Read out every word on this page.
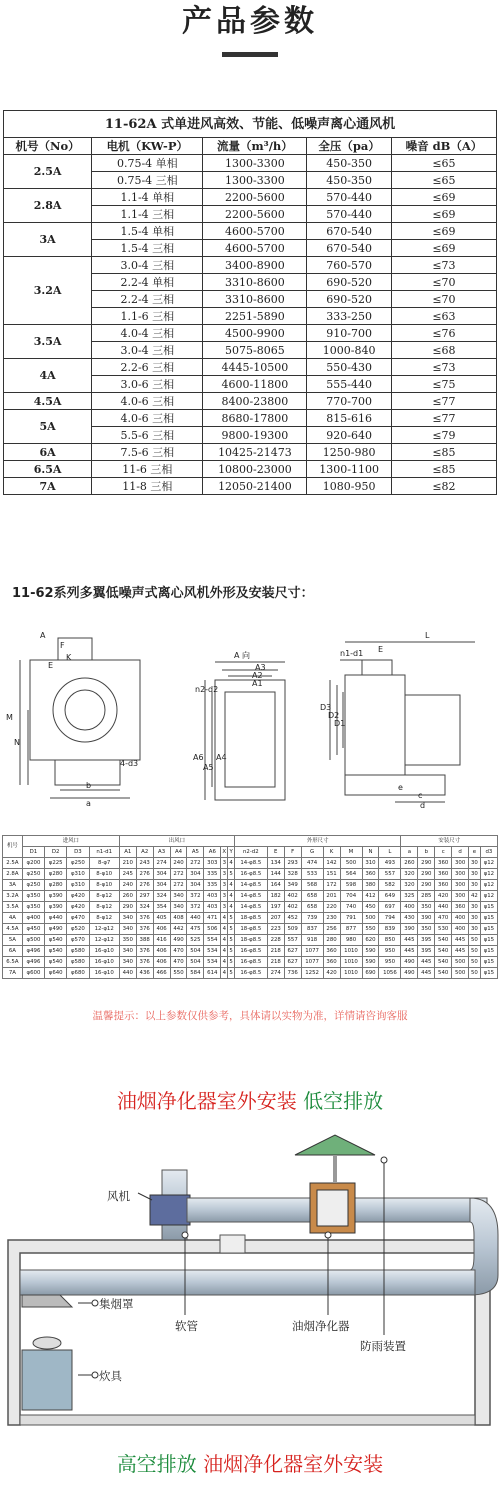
产品参数
11-62A 式单进风高效、节能、低噪声离心通风机				
机号（No）	电机（KW-P）	流量（m³/h）	全压（pa）	噪音 dB（A）
2.5A	0.75-4 单相	1300-3300	450-350	≤65
	0.75-4 三相	1300-3300	450-350	≤65
2.8A	1.1-4 单相	2200-5600	570-440	≤69
	1.1-4 三相	2200-5600	570-440	≤69
3A	1.5-4 单相	4600-5700	670-540	≤69
	1.5-4 三相	4600-5700	670-540	≤69
3.2A	3.0-4 三相	3400-8900	760-570	≤73
	2.2-4 单相	3310-8600	690-520	≤70
	2.2-4 三相	3310-8600	690-520	≤70
	1.1-6 三相	2251-5890	333-250	≤63
3.5A	4.0-4 三相	4500-9900	910-700	≤76
	3.0-4 三相	5075-8065	1000-840	≤68
4A	2.2-6 三相	4445-10500	550-430	≤73
	3.0-6 三相	4600-11800	555-440	≤75
4.5A	4.0-6 三相	8400-23800	770-700	≤77
5A	4.0-6 三相	8680-17800	815-616	≤77
	5.5-6 三相	9800-19300	920-640	≤79
6A	7.5-6 三相	10425-21473	1250-980	≤85
6.5A	11-6 三相	10800-23000	1300-1100	≤85
7A	11-8 三相	12050-21400	1080-950	≤82
11-62系列多翼低噪声式离心风机外形及安装尺寸：
A
F
K
E
M
N
b
a
4-d3
A 向
A3
A2
A1
n2-d2
A6
A5
A4
L
n1-d1 E
D3
D2
D1
e
c
d
机号	进风口				出风口								外形尺寸								安装尺寸					
	D1	D2	D3	n1-d1	A1	A2	A3	A4	A5	A6	X	Y	n2-d2	E	F	G	K	M	N	L	a	b	c	d	e	d3
2.5A	φ200	φ225	φ250	8-φ7	210	243	274	240	272	303	3	4	14-φ8.5	134	293	474	142	500	310	493	260	290	360	300	30	φ12
2.8A	φ250	φ280	φ310	8-φ10	245	276	304	272	304	335	3	5	16-φ8.5	144	328	533	151	564	360	557	320	290	360	300	30	φ12
3A	φ250	φ280	φ310	8-φ10	240	276	304	272	304	335	3	4	14-φ8.5	164	349	568	172	598	380	582	320	290	360	300	30	φ12
3.2A	φ350	φ390	φ420	8-φ12	260	297	324	340	372	403	3	4	14-φ8.5	182	402	658	201	704	412	649	325	285	420	300	42	φ12
3.5A	φ350	φ390	φ420	8-φ12	290	324	354	340	372	403	3	4	14-φ8.5	197	402	658	220	740	450	697	400	350	440	360	30	φ15
4A	φ400	φ440	φ470	8-φ12	340	376	405	408	440	471	4	5	18-φ8.5	207	452	739	230	791	500	794	430	390	470	400	30	φ15
4.5A	φ450	φ490	φ520	12-φ12	340	376	406	442	475	506	4	5	18-φ8.5	223	509	837	256	877	550	839	390	350	530	400	30	φ15
5A	φ500	φ540	φ570	12-φ12	350	388	416	490	525	554	4	5	18-φ8.5	228	557	918	280	980	620	850	445	395	540	445	50	φ15
6A	φ496	φ540	φ580	16-φ10	340	376	406	470	504	534	4	5	16-φ8.5	218	627	1077	360	1010	590	950	445	395	540	445	50	φ15
6.5A	φ496	φ540	φ580	16-φ10	340	376	406	470	504	534	4	5	16-φ8.5	218	627	1077	360	1010	590	950	490	445	540	500	50	φ15
7A	φ600	φ640	φ680	16-φ10	440	436	466	550	584	614	4	5	16-φ8.5	274	736	1252	420	1010	690	1056	490	445	540	500	50	φ15
温馨提示：以上参数仅供参考，具体请以实物为准，详情请咨询客服
油烟净化器室外安装 低空排放
风机
集烟罩
软管	油烟净化器
防雨装置
炊具
高空排放 油烟净化器室外安装
